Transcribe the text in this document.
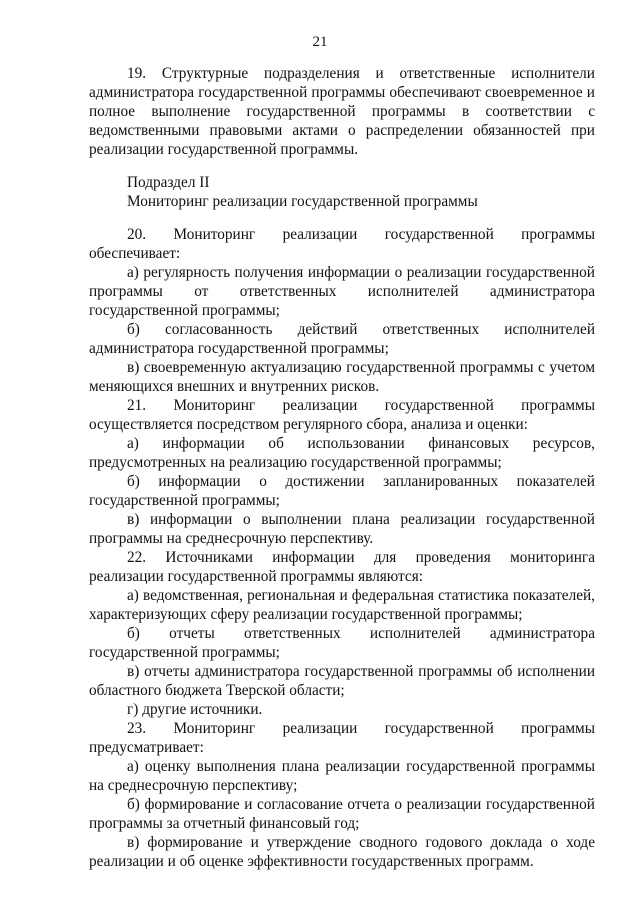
21

19. Структурные подразделения и ответственные исполнители администратора государственной программы обеспечивают своевременное и полное выполнение государственной программы в соответствии с ведомственными правовыми актами о распределении обязанностей при реализации государственной программы.

Подраздел II

Мониторинг реализации государственной программы

20. Мониторинг реализации государственной программы обеспечивает:

а) регулярность получения информации о реализации государственной программы от ответственных исполнителей администратора государственной программы;

б) согласованность действий ответственных исполнителей администратора государственной программы;

в) своевременную актуализацию государственной программы с учетом меняющихся внешних и внутренних рисков.

21. Мониторинг реализации государственной программы осуществляется посредством регулярного сбора, анализа и оценки:

а) информации об использовании финансовых ресурсов, предусмотренных на реализацию государственной программы;

б) информации о достижении запланированных показателей государственной программы;

в) информации о выполнении плана реализации государственной программы на среднесрочную перспективу.

22. Источниками информации для проведения мониторинга реализации государственной программы являются:

а) ведомственная, региональная и федеральная статистика показателей, характеризующих сферу реализации государственной программы;

б) отчеты ответственных исполнителей администратора государственной программы;

в) отчеты администратора государственной программы об исполнении областного бюджета Тверской области;

г) другие источники.

23. Мониторинг реализации государственной программы предусматривает:

а) оценку выполнения плана реализации государственной программы на среднесрочную перспективу;

б) формирование и согласование отчета о реализации государственной программы за отчетный финансовый год;

в) формирование и утверждение сводного годового доклада о ходе реализации и об оценке эффективности государственных программ.
